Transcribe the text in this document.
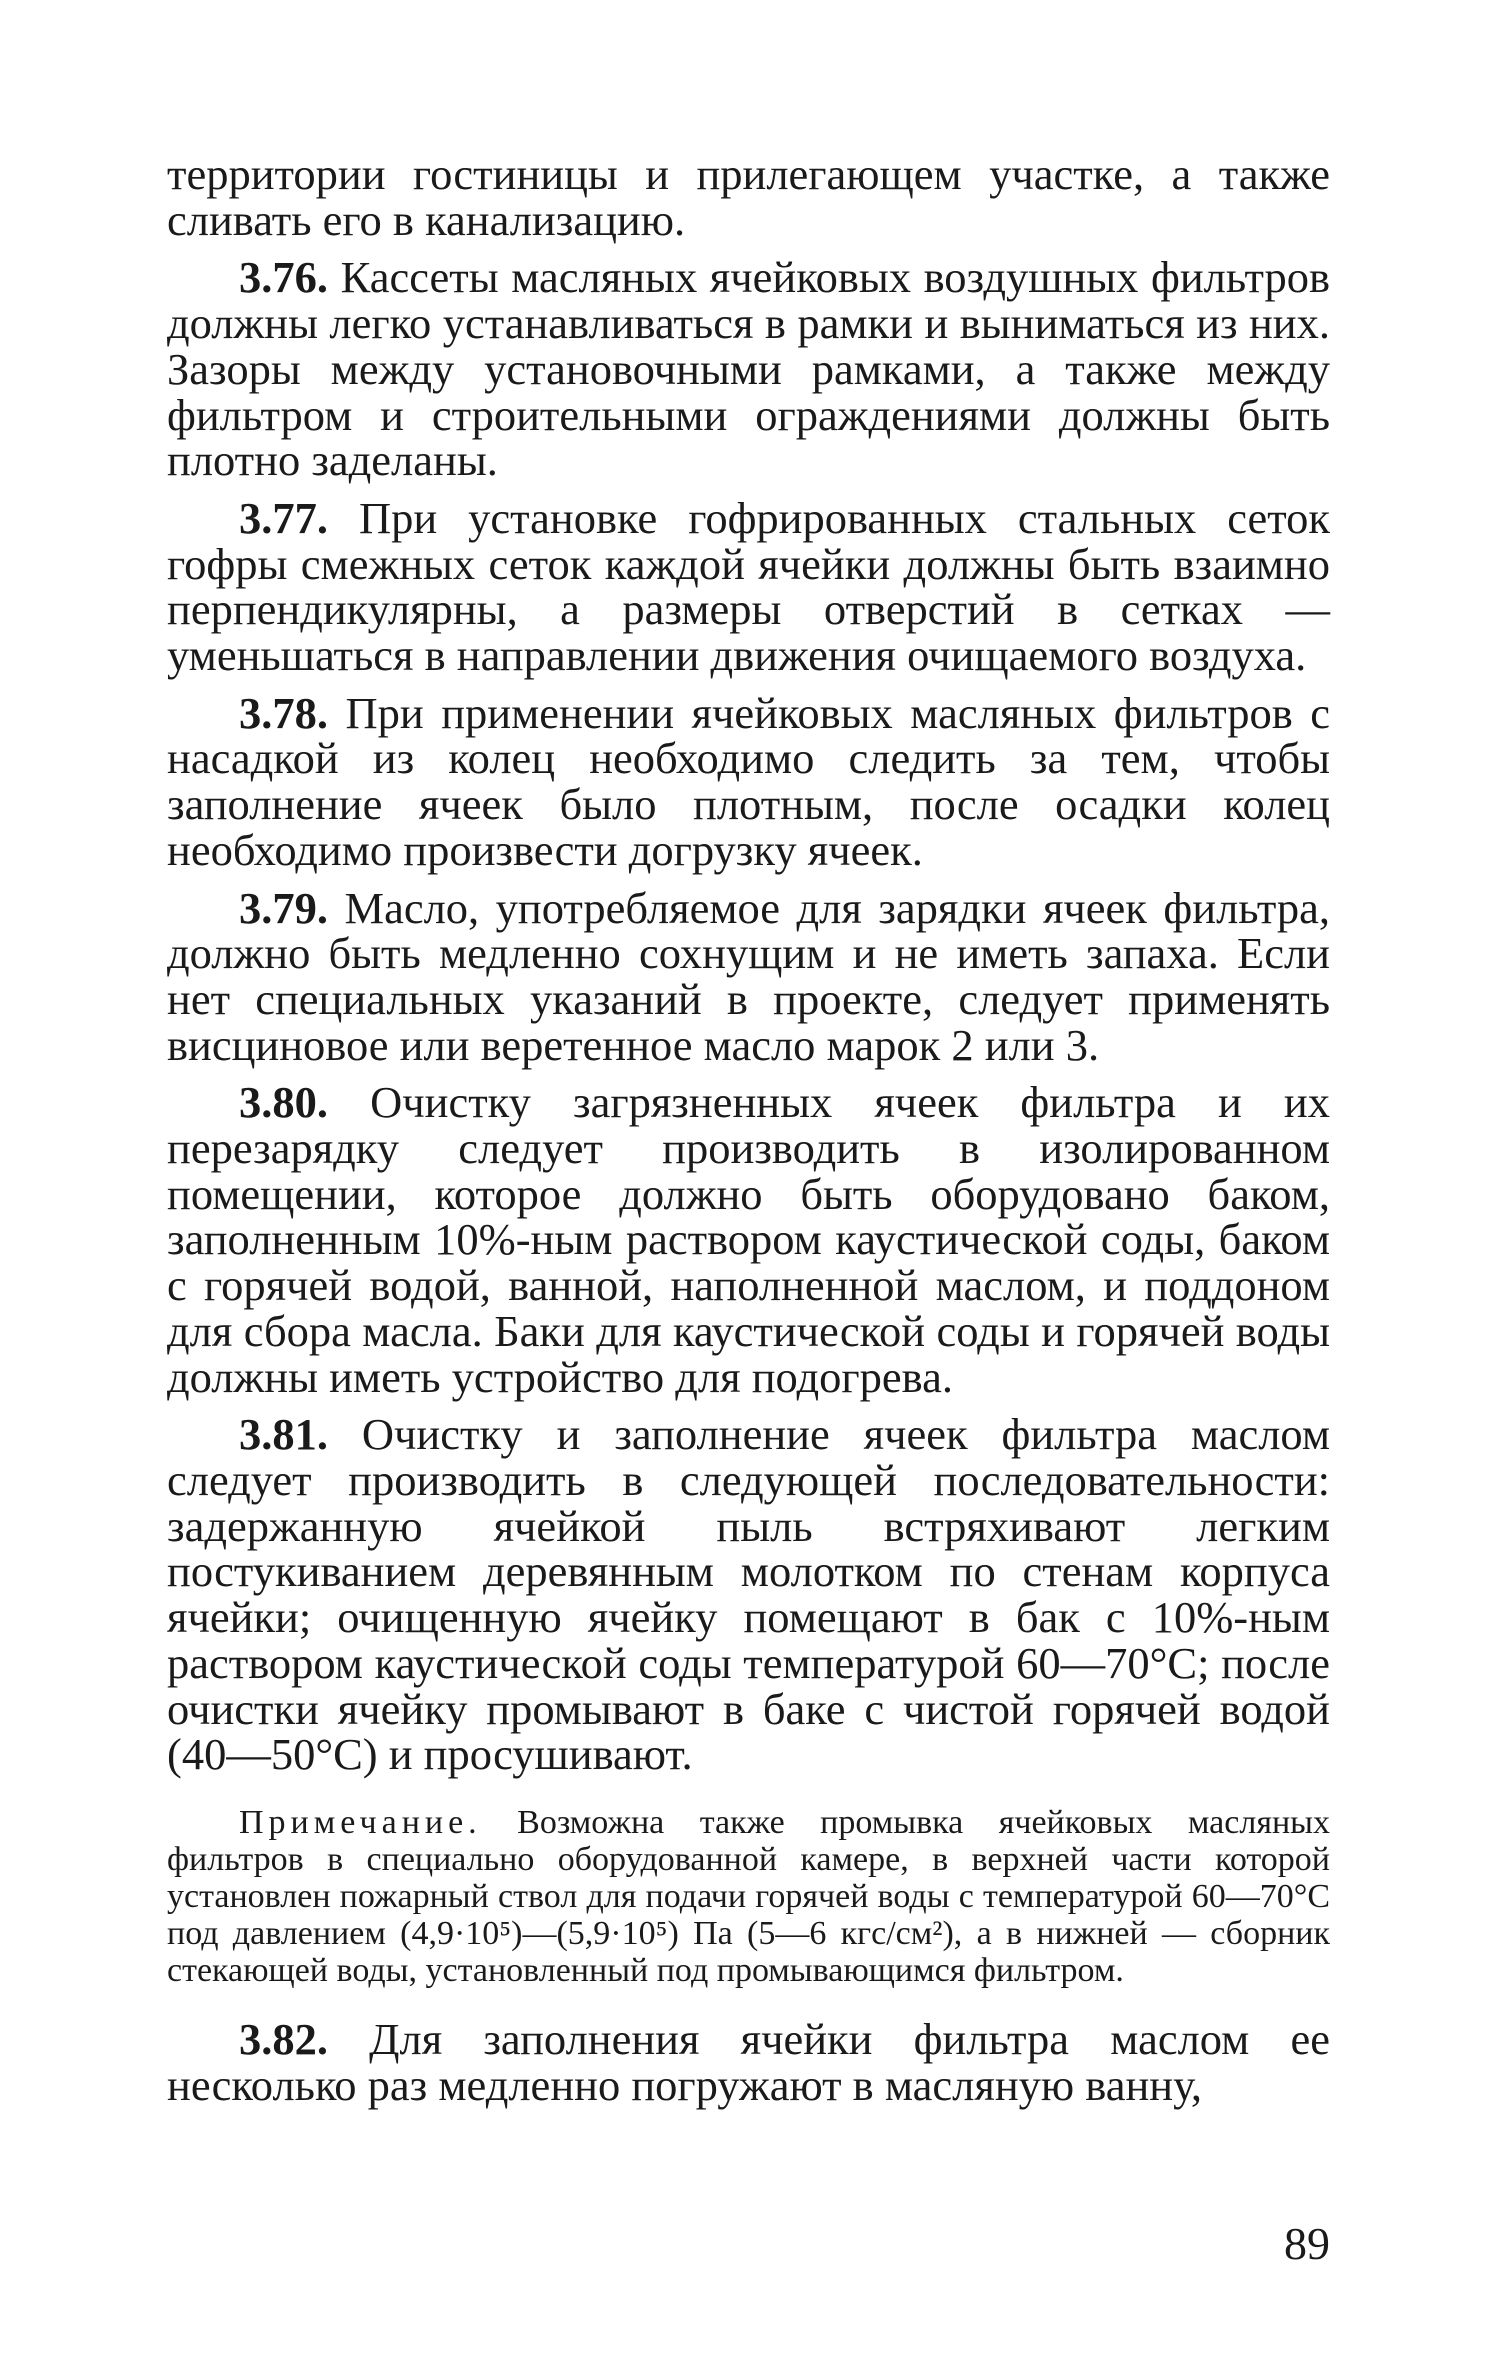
территории гостиницы и прилегающем участке, а также сливать его в канализацию.

3.76. Кассеты масляных ячейковых воздушных фильтров должны легко устанавливаться в рамки и выниматься из них. Зазоры между установочными рамками, а также между фильтром и строительными ограждениями должны быть плотно заделаны.

3.77. При установке гофрированных стальных сеток гофры смежных сеток каждой ячейки должны быть взаимно перпендикулярны, а размеры отверстий в сетках — уменьшаться в направлении движения очищаемого воздуха.

3.78. При применении ячейковых масляных фильтров с насадкой из колец необходимо следить за тем, чтобы заполнение ячеек было плотным, после осадки колец необходимо произвести догрузку ячеек.

3.79. Масло, употребляемое для зарядки ячеек фильтра, должно быть медленно сохнущим и не иметь запаха. Если нет специальных указаний в проекте, следует применять висциновое или веретенное масло марок 2 или 3.

3.80. Очистку загрязненных ячеек фильтра и их перезарядку следует производить в изолированном помещении, которое должно быть оборудовано баком, заполненным 10%-ным раствором каустической соды, баком с горячей водой, ванной, наполненной маслом, и поддоном для сбора масла. Баки для каустической соды и горячей воды должны иметь устройство для подогрева.

3.81. Очистку и заполнение ячеек фильтра маслом следует производить в следующей последовательности: задержанную ячейкой пыль встряхивают легким постукиванием деревянным молотком по стенам корпуса ячейки; очищенную ячейку помещают в бак с 10%-ным раствором каустической соды температурой 60—70°С; после очистки ячейку промывают в баке с чистой горячей водой (40—50°С) и просушивают.

Примечание. Возможна также промывка ячейковых масляных фильтров в специально оборудованной камере, в верхней части которой установлен пожарный ствол для подачи горячей воды с температурой 60—70°С под давлением (4,9·10⁵)—(5,9·10⁵) Па (5—6 кгс/см²), а в нижней — сборник стекающей воды, установленный под промывающимся фильтром.

3.82. Для заполнения ячейки фильтра маслом ее несколько раз медленно погружают в масляную ванну,

89
